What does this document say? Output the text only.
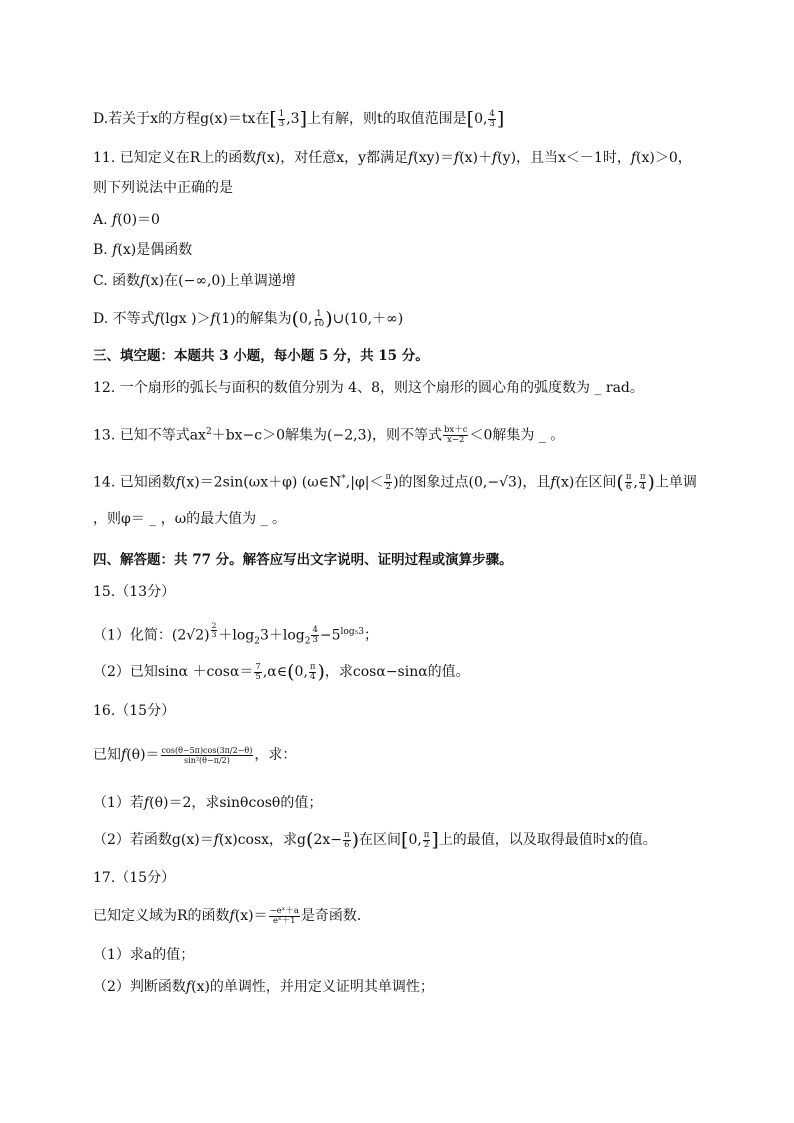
D.若关于x的方程g(x)＝tx在[ $\frac{1}{3} ,3$]上有解，则t的取值范围是[0, $\frac{4}{3}$ ]
11. 已知定义在R上的函数f(x)，对任意x，y都满足f(xy)＝f(x)＋f(y)，且当x＜－1时，f(x)＞0，
则下列说法中正确的是
A. f(0)＝0
B. f(x)是偶函数
C. 函数f(x)在(−∞,0)上单调递增
D. 不等式f(lgx )＞f(1)的解集为(0, $\frac{1}{10}$ )∪(10,＋∞)
三、填空题：本题共 3 小题，每小题 5 分，共 15 分。
12. 一个扇形的弧长与面积的数值分别为 4、8，则这个扇形的圆心角的弧度数为 _ rad。
13. 已知不等式$ax^2+bx-c>0$解集为(−2,3)，则不等式 $\frac{bx+c}{x-2} <0$解集为 _ 。
14. 已知函数f(x)＝2sin(ωx＋φ) (ω∈N*,|φ|＜ $\frac{\pi}{2}$ )的图象过点(0,−√3)，且f(x)在区间( $\frac{\pi}{6}$ , $\frac{\pi}{4}$ )上单调
，则φ＝ _ ，ω的最大值为 _ 。
四、解答题：共 77 分。解答应写出文字说明、证明过程或演算步骤。
15.（13分）
（1）化简：(2√2) $^{\frac{2}{3}} +\log_23+\log_2 \frac{4}{3} -5^{log_53}$；
（2）已知$\sin\alpha +\cos\alpha= \frac{7}{5}$ ,α∈(0, $\frac{\pi}{4}$ )，求cosα−sinα的值。
16.（15分）
已知$f(\theta)= \frac{\cos(\theta-5\pi)\cos(3\pi/2-\theta)}{\text{sin²(θ−π/2)}}$ ，求：
（1）若f(θ)＝2，求sinθcosθ的值；
（2）若函数g(x)＝f(x)cosx，求$g(2x- \frac{\pi}{6}$ )在区间[0, $\frac{\pi}{2}$ ]上的最值，以及取得最值时x的值。
17.（15分）
已知定义域为R的函数$f(x)= \frac{\text{−eˣ＋a}}{\text{eˣ＋1}}$ 是奇函数．
（1）求a的值；
（2）判断函数f(x)的单调性，并用定义证明其单调性；
